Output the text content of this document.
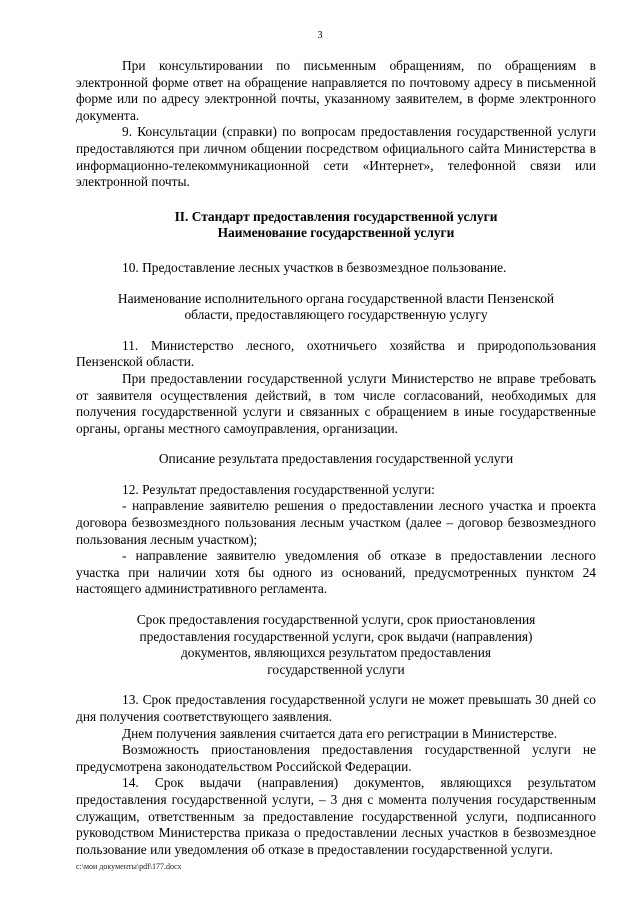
3

При консультировании по письменным обращениям, по обращениям в электронной форме ответ на обращение направляется по почтовому адресу в письменной форме или по адресу электронной почты, указанному заявителем, в форме электронного документа.

9. Консультации (справки) по вопросам предоставления государственной услуги предоставляются при личном общении посредством официального сайта Министерства в информационно-телекоммуникационной сети «Интернет», телефонной связи или электронной почты.

II. Стандарт предоставления государственной услуги

Наименование государственной услуги

10. Предоставление лесных участков в безвозмездное пользование.

Наименование исполнительного органа государственной власти Пензенской области, предоставляющего государственную услугу

11. Министерство лесного, охотничьего хозяйства и природопользования Пензенской области.

При предоставлении государственной услуги Министерство не вправе требовать от заявителя осуществления действий, в том числе согласований, необходимых для получения государственной услуги и связанных с обращением в иные государственные органы, органы местного самоуправления, организации.

Описание результата предоставления государственной услуги

12. Результат предоставления государственной услуги:

- направление заявителю решения о предоставлении лесного участка и проекта договора безвозмездного пользования лесным участком (далее – договор безвозмездного пользования лесным участком);

- направление заявителю уведомления об отказе в предоставлении лесного участка при наличии хотя бы одного из оснований, предусмотренных пунктом 24 настоящего административного регламента.

Срок предоставления государственной услуги, срок приостановления предоставления государственной услуги, срок выдачи (направления) документов, являющихся результатом предоставления государственной услуги

13. Срок предоставления государственной услуги не может превышать 30 дней со дня получения соответствующего заявления.

Днем получения заявления считается дата его регистрации в Министерстве.

Возможность приостановления предоставления государственной услуги не предусмотрена законодательством Российской Федерации.

14. Срок выдачи (направления) документов, являющихся результатом предоставления государственной услуги, – 3 дня с момента получения государственным служащим, ответственным за предоставление государственной услуги, подписанного руководством Министерства приказа о предоставлении лесных участков в безвозмездное пользование или уведомления об отказе в предоставлении государственной услуги.

c:\мои документы\pdf\177.docx
